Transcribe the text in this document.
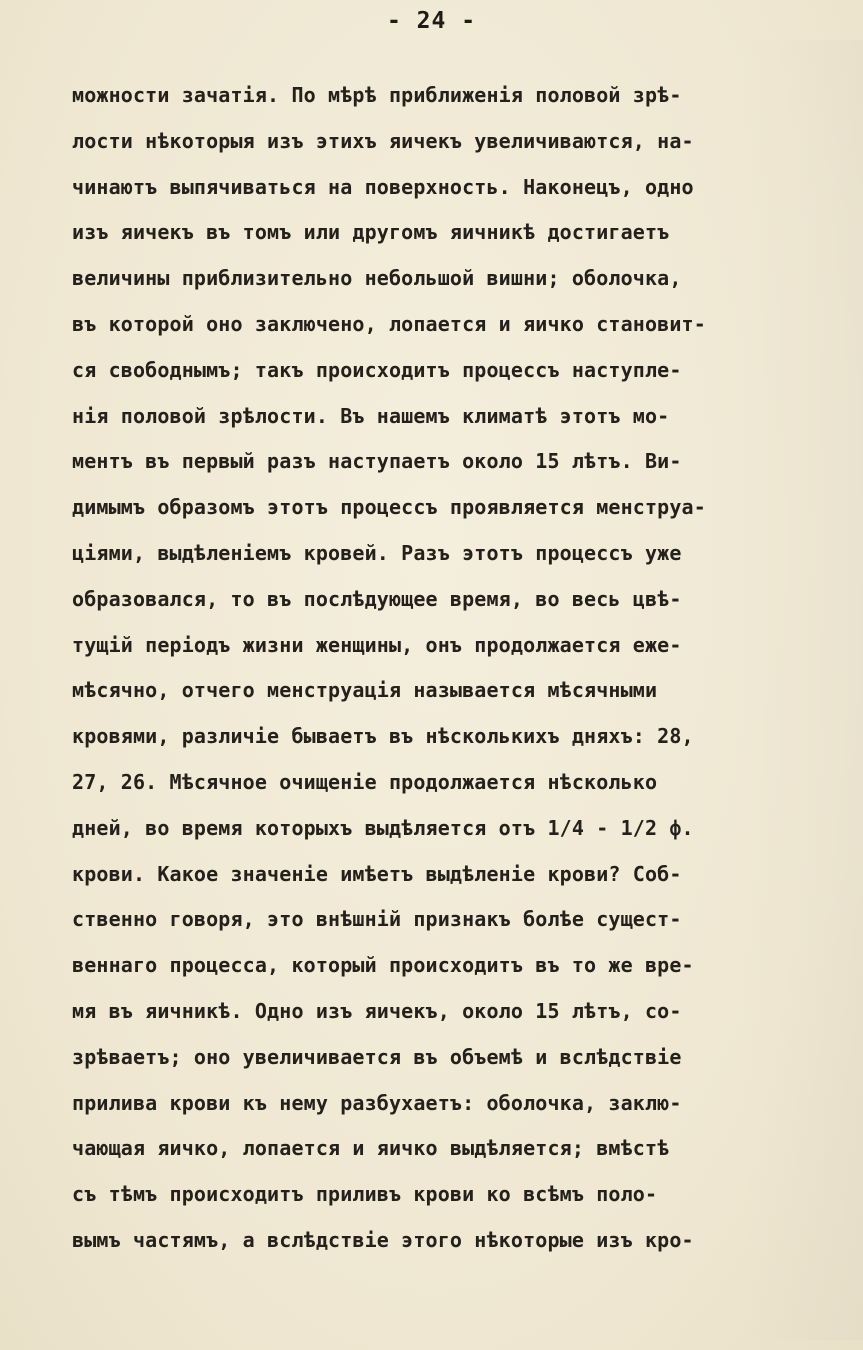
- 24 -
можности зачатія. По мѣрѣ приближенія половой зрѣ-
лости нѣкоторыя изъ этихъ яичекъ увеличиваются, на-
чинаютъ выпячиваться на поверхность. Наконецъ, одно
изъ яичекъ въ томъ или другомъ яичникѣ достигаетъ
величины приблизительно небольшой вишни; оболочка,
въ которой оно заключено, лопается и яичко становит-
ся свободнымъ; такъ происходитъ процессъ наступле-
нія половой зрѣлости. Въ нашемъ климатѣ этотъ мо-
ментъ въ первый разъ наступаетъ около 15 лѣтъ. Ви-
димымъ образомъ этотъ процессъ проявляется менструа-
ціями, выдѣленіемъ кровей. Разъ этотъ процессъ уже
образовался, то въ послѣдующее время, во весь цвѣ-
тущій періодъ жизни женщины, онъ продолжается еже-
мѣсячно, отчего менструація называется мѣсячными
кровями, различіе бываетъ въ нѣсколькихъ дняхъ: 28,
27, 26. Мѣсячное очищеніе продолжается нѣсколько
дней, во время которыхъ выдѣляется отъ 1/4 - 1/2 ф.
крови. Какое значеніе имѣетъ выдѣленіе крови? Соб-
ственно говоря, это внѣшній признакъ болѣе сущест-
веннаго процесса, который происходитъ въ то же вре-
мя въ яичникѣ. Одно изъ яичекъ, около 15 лѣтъ, со-
зрѣваетъ; оно увеличивается въ объемѣ и вслѣдствіе
прилива крови къ нему разбухаетъ: оболочка, заклю-
чающая яичко, лопается и яичко выдѣляется; вмѣстѣ
съ тѣмъ происходитъ приливъ крови ко всѣмъ поло-
вымъ частямъ, а вслѣдствіе этого нѣкоторые изъ кро-
